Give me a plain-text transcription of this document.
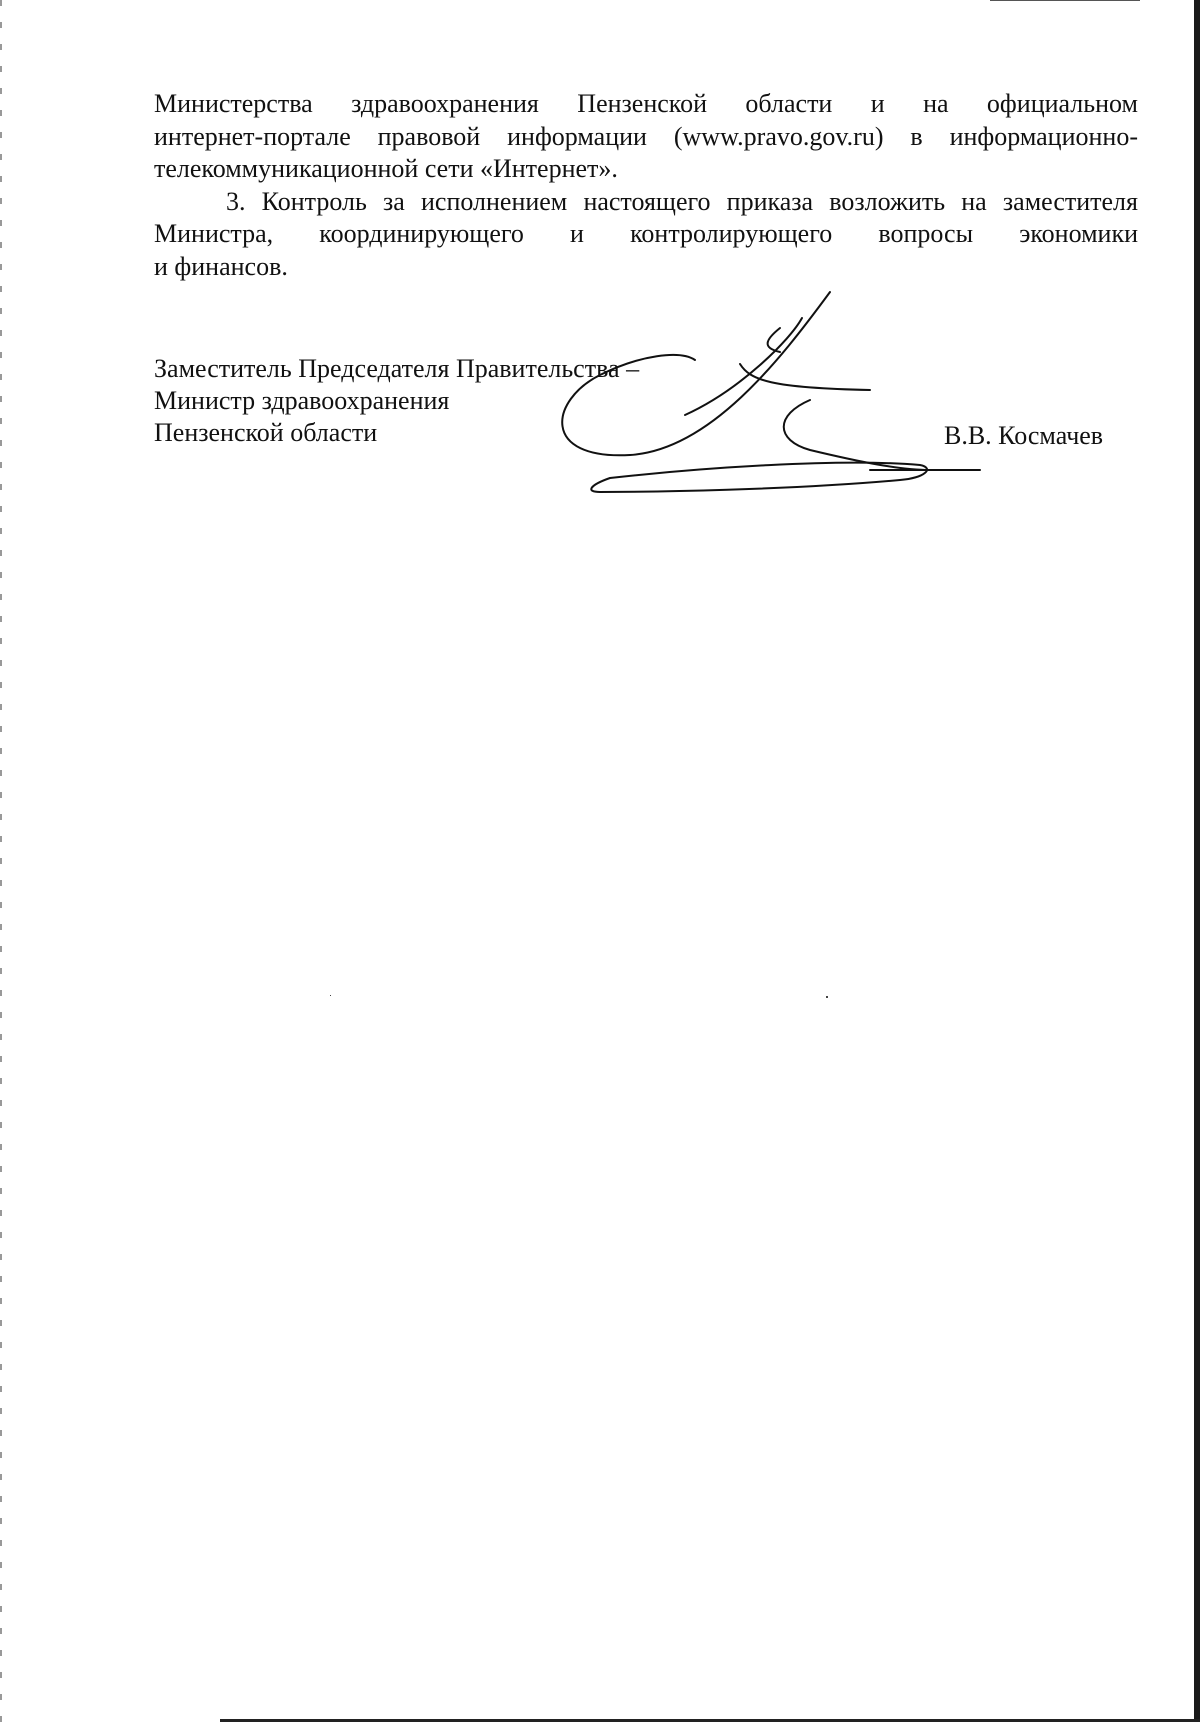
Министерства здравоохранения Пензенской области и на официальном

интернет-портале правовой информации (www.pravo.gov.ru) в информационно-

телекоммуникационной сети «Интернет».

3. Контроль за исполнением настоящего приказа возложить на заместителя

Министра, координирующего и контролирующего вопросы экономики

и финансов.

Заместитель Председателя Правительства –
Министр здравоохранения
Пензенской области	В.В. Космачев
